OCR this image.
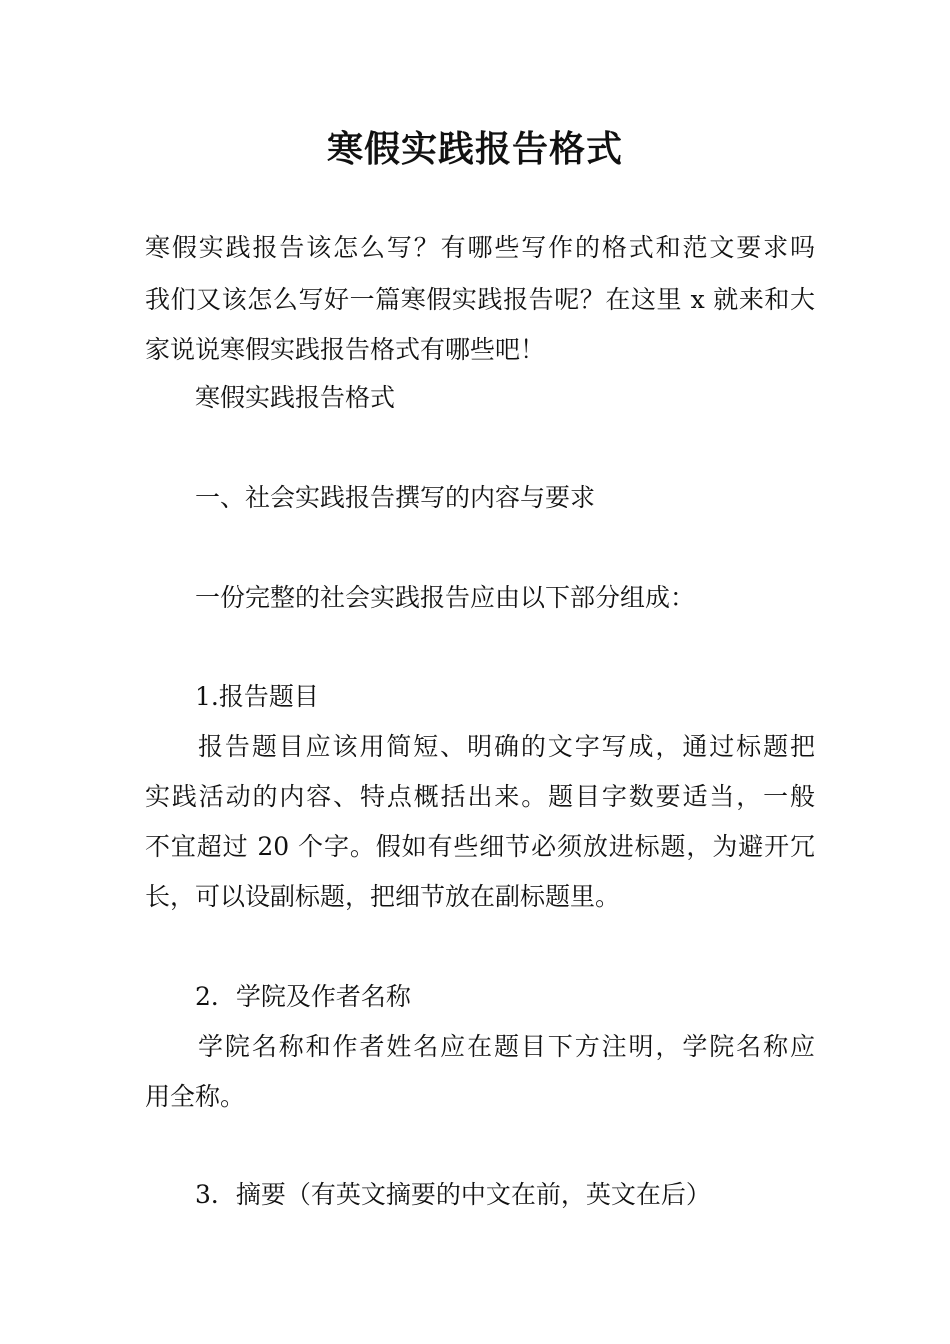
寒假实践报告格式
寒假实践报告该怎么写？有哪些写作的格式和范文要求吗
我们又该怎么写好一篇寒假实践报告呢？在这里 x 就来和大
家说说寒假实践报告格式有哪些吧！
寒假实践报告格式
一、社会实践报告撰写的内容与要求
一份完整的社会实践报告应由以下部分组成：
1.报告题目
报告题目应该用简短、明确的文字写成，通过标题把
实践活动的内容、特点概括出来。题目字数要适当，一般
不宜超过 20 个字。假如有些细节必须放进标题，为避开冗
长，可以设副标题，把细节放在副标题里。
2．学院及作者名称
学院名称和作者姓名应在题目下方注明，学院名称应
用全称。
3．摘要（有英文摘要的中文在前，英文在后）
